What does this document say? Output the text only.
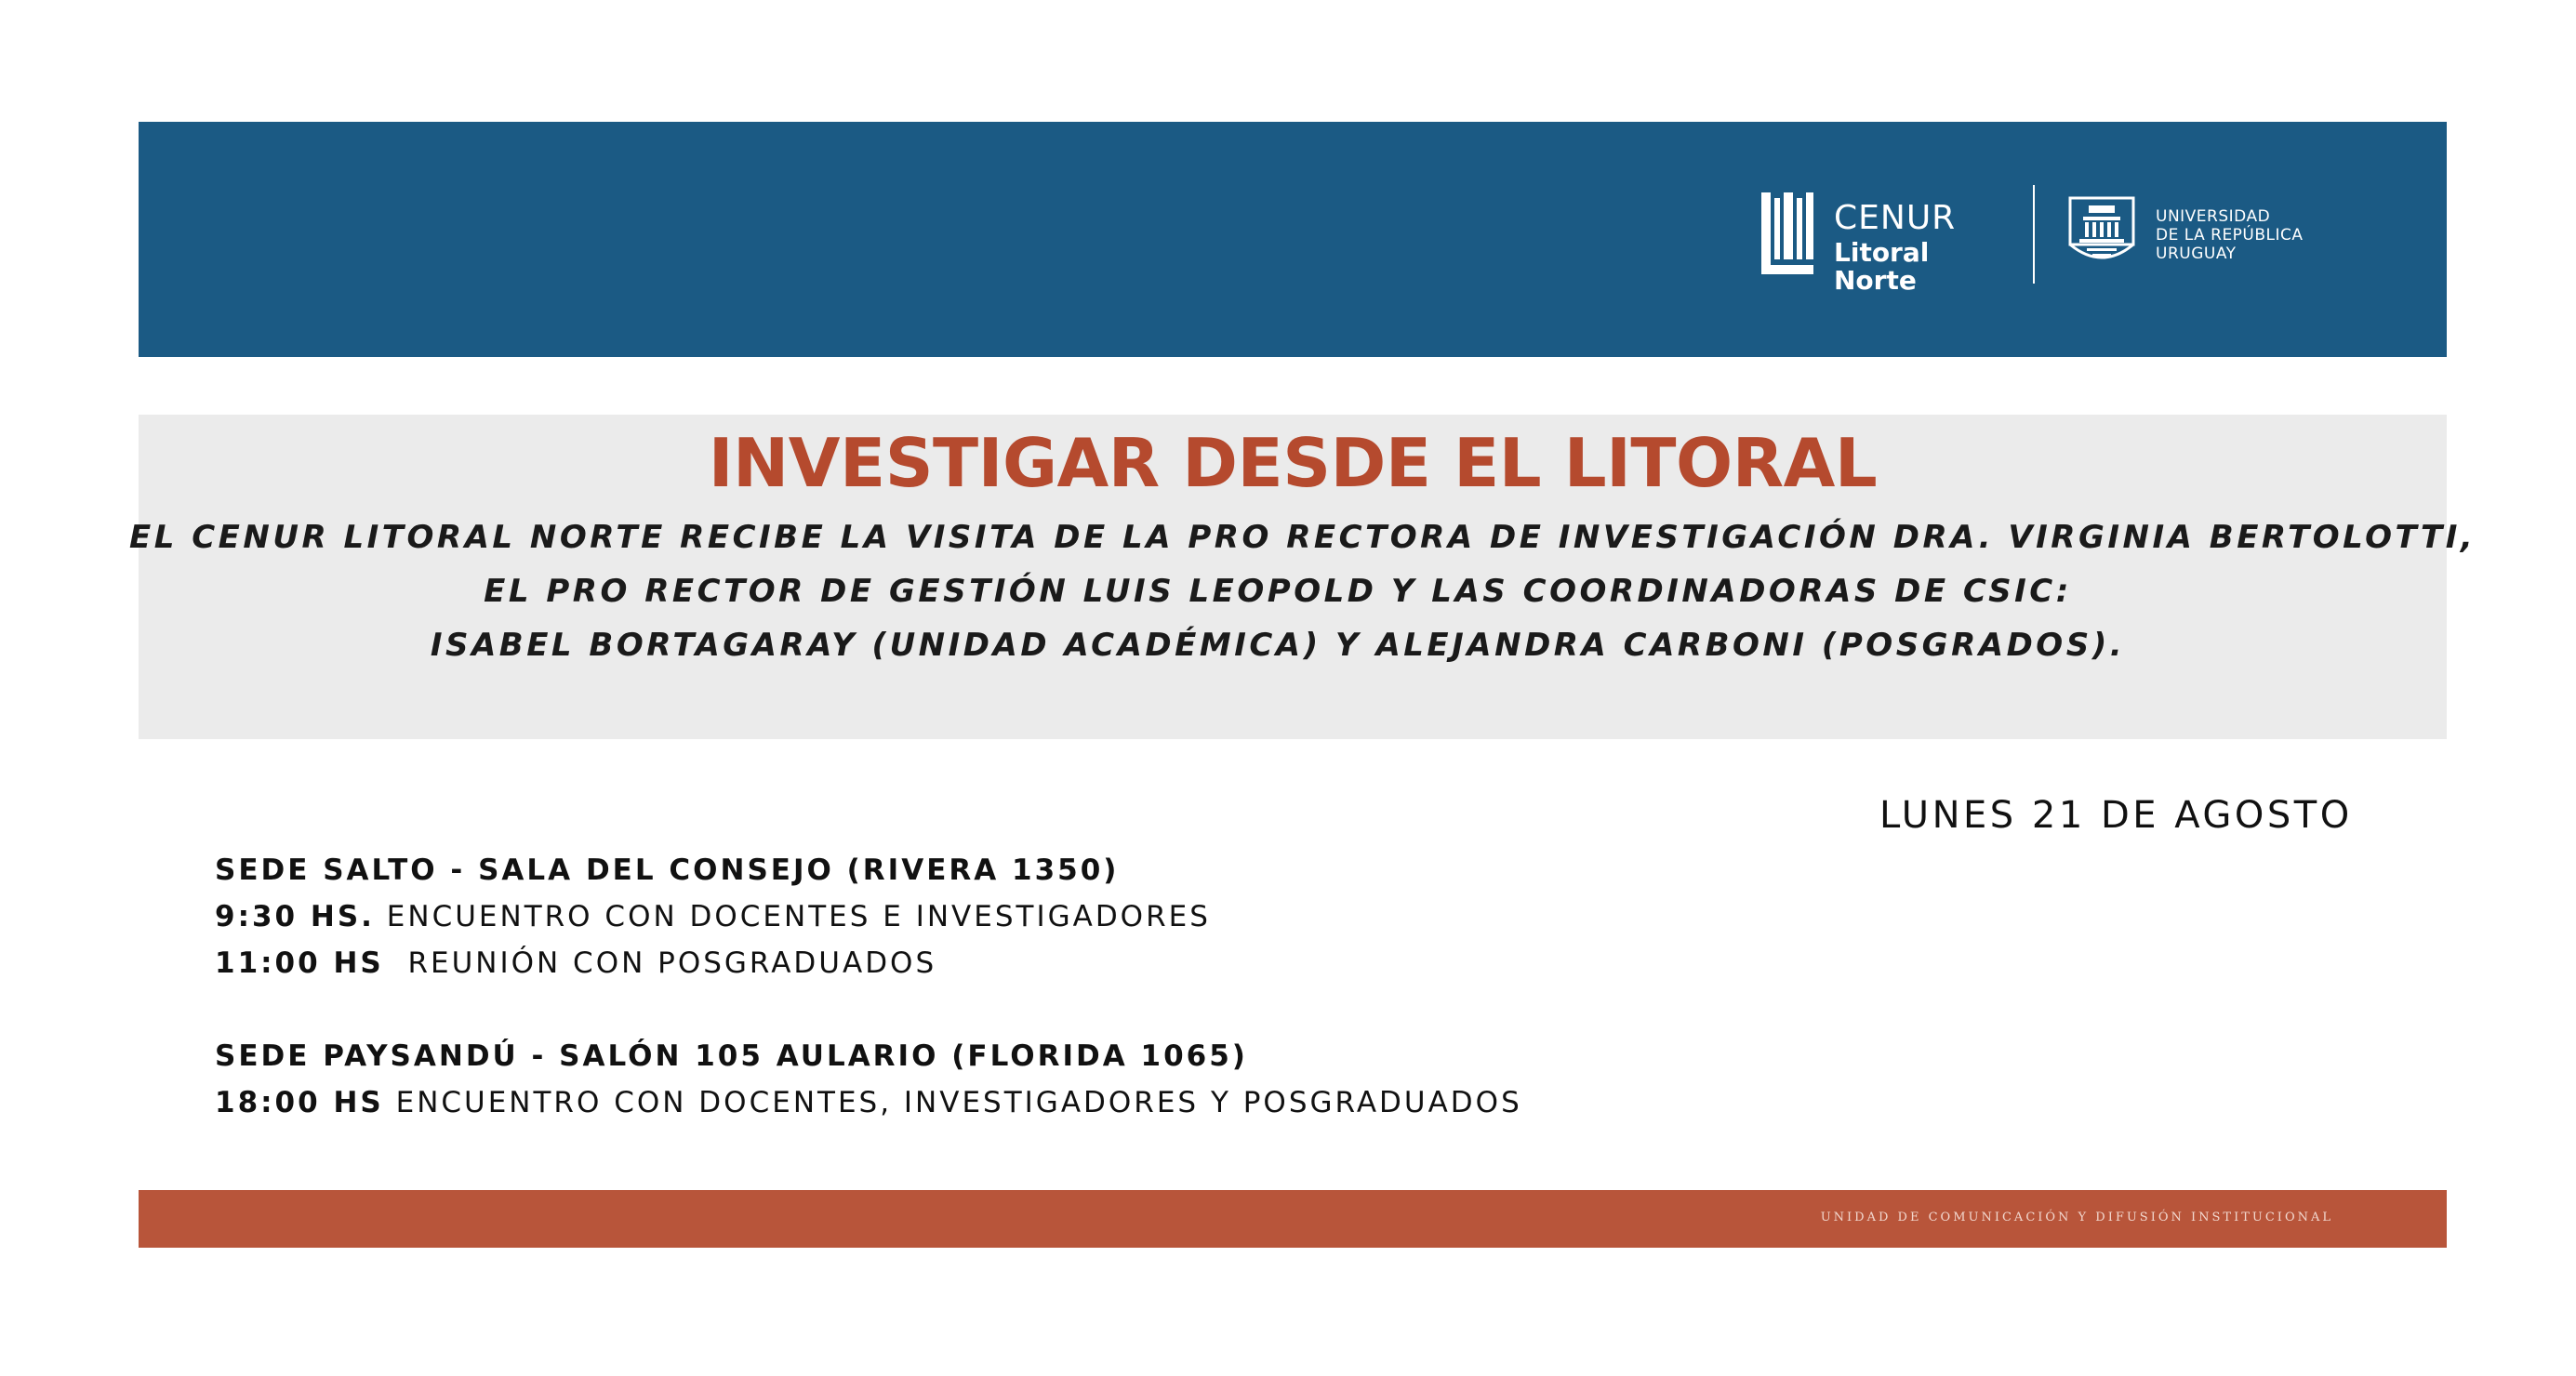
CENUR
Litoral Norte
UNIVERSIDAD
DE LA REPÚBLICA
URUGUAY
INVESTIGAR DESDE EL LITORAL
EL CENUR LITORAL NORTE RECIBE LA VISITA DE LA PRO RECTORA DE INVESTIGACIÓN DRA. VIRGINIA BERTOLOTTI,
EL PRO RECTOR DE GESTIÓN LUIS LEOPOLD Y LAS COORDINADORAS DE CSIC:
ISABEL BORTAGARAY (UNIDAD ACADÉMICA) Y ALEJANDRA CARBONI (POSGRADOS).
LUNES 21 DE AGOSTO
SEDE SALTO - SALA DEL CONSEJO (RIVERA 1350)
9:30 HS. ENCUENTRO CON DOCENTES E INVESTIGADORES
11:00 HS  REUNIÓN CON POSGRADUADOS
SEDE PAYSANDÚ - SALÓN 105 AULARIO (FLORIDA 1065)
18:00 HS ENCUENTRO CON DOCENTES, INVESTIGADORES Y POSGRADUADOS
UNIDAD DE COMUNICACIÓN Y DIFUSIÓN INSTITUCIONAL
